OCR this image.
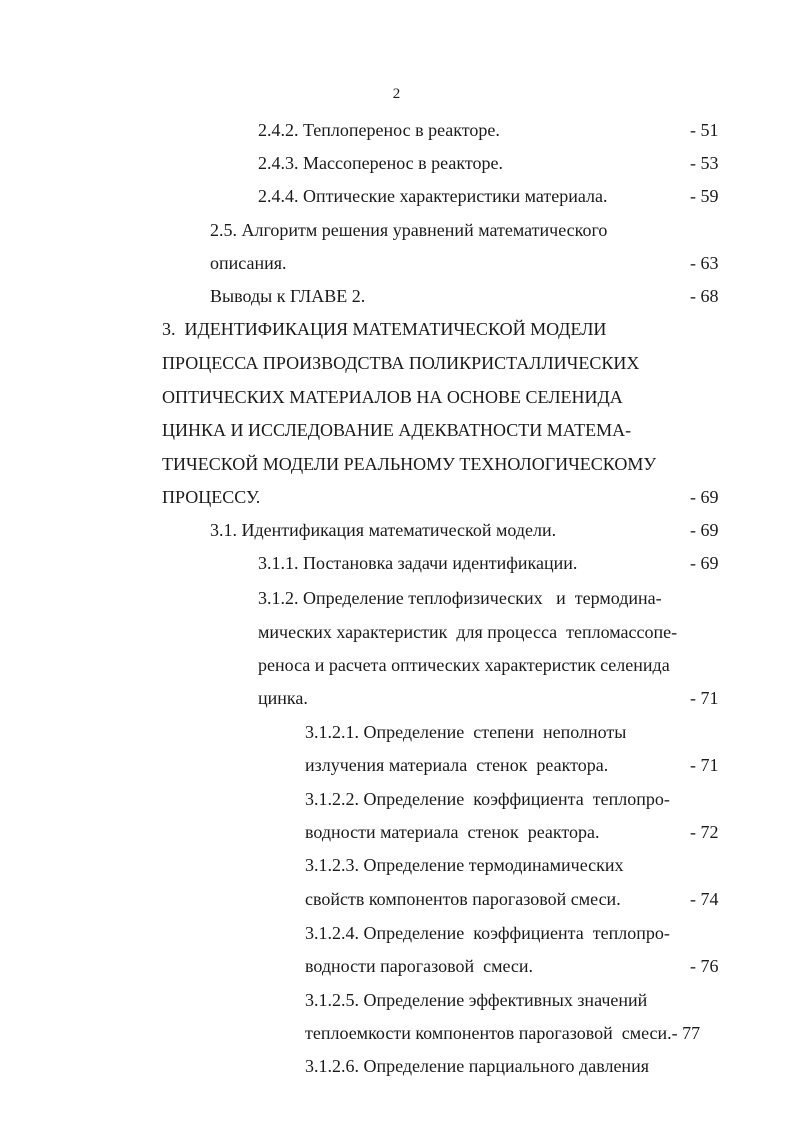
2
2.4.2. Теплоперенос в реакторе.	- 51
2.4.3. Массоперенос в реакторе.	- 53
2.4.4. Оптические характеристики материала.	- 59
2.5. Алгоритм решения уравнений математического
описания.	- 63
Выводы к ГЛАВЕ 2.	- 68
3.  ИДЕНТИФИКАЦИЯ МАТЕМАТИЧЕСКОЙ МОДЕЛИ
ПРОЦЕССА ПРОИЗВОДСТВА ПОЛИКРИСТАЛЛИЧЕСКИХ
ОПТИЧЕСКИХ МАТЕРИАЛОВ НА ОСНОВЕ СЕЛЕНИДА
ЦИНКА И ИССЛЕДОВАНИЕ АДЕКВАТНОСТИ МАТЕМА-
ТИЧЕСКОЙ МОДЕЛИ РЕАЛЬНОМУ ТЕХНОЛОГИЧЕСКОМУ
ПРОЦЕССУ.	- 69
3.1. Идентификация математической модели.	- 69
3.1.1. Постановка задачи идентификации.	- 69
3.1.2. Определение теплофизических   и  термодина-
мических характеристик  для процесса  тепломассопе-
реноса и расчета оптических характеристик селенида
цинка.	- 71
3.1.2.1. Определение  степени  неполноты
излучения материала  стенок  реактора.	- 71
3.1.2.2. Определение  коэффициента  теплопро-
водности материала  стенок  реактора.	- 72
3.1.2.3. Определение термодинамических
свойств компонентов парогазовой смеси.	- 74
3.1.2.4. Определение  коэффициента  теплопро-
водности парогазовой  смеси.	- 76
3.1.2.5. Определение эффективных значений
теплоемкости компонентов парогазовой  смеси.- 77
3.1.2.6. Определение парциального давления
